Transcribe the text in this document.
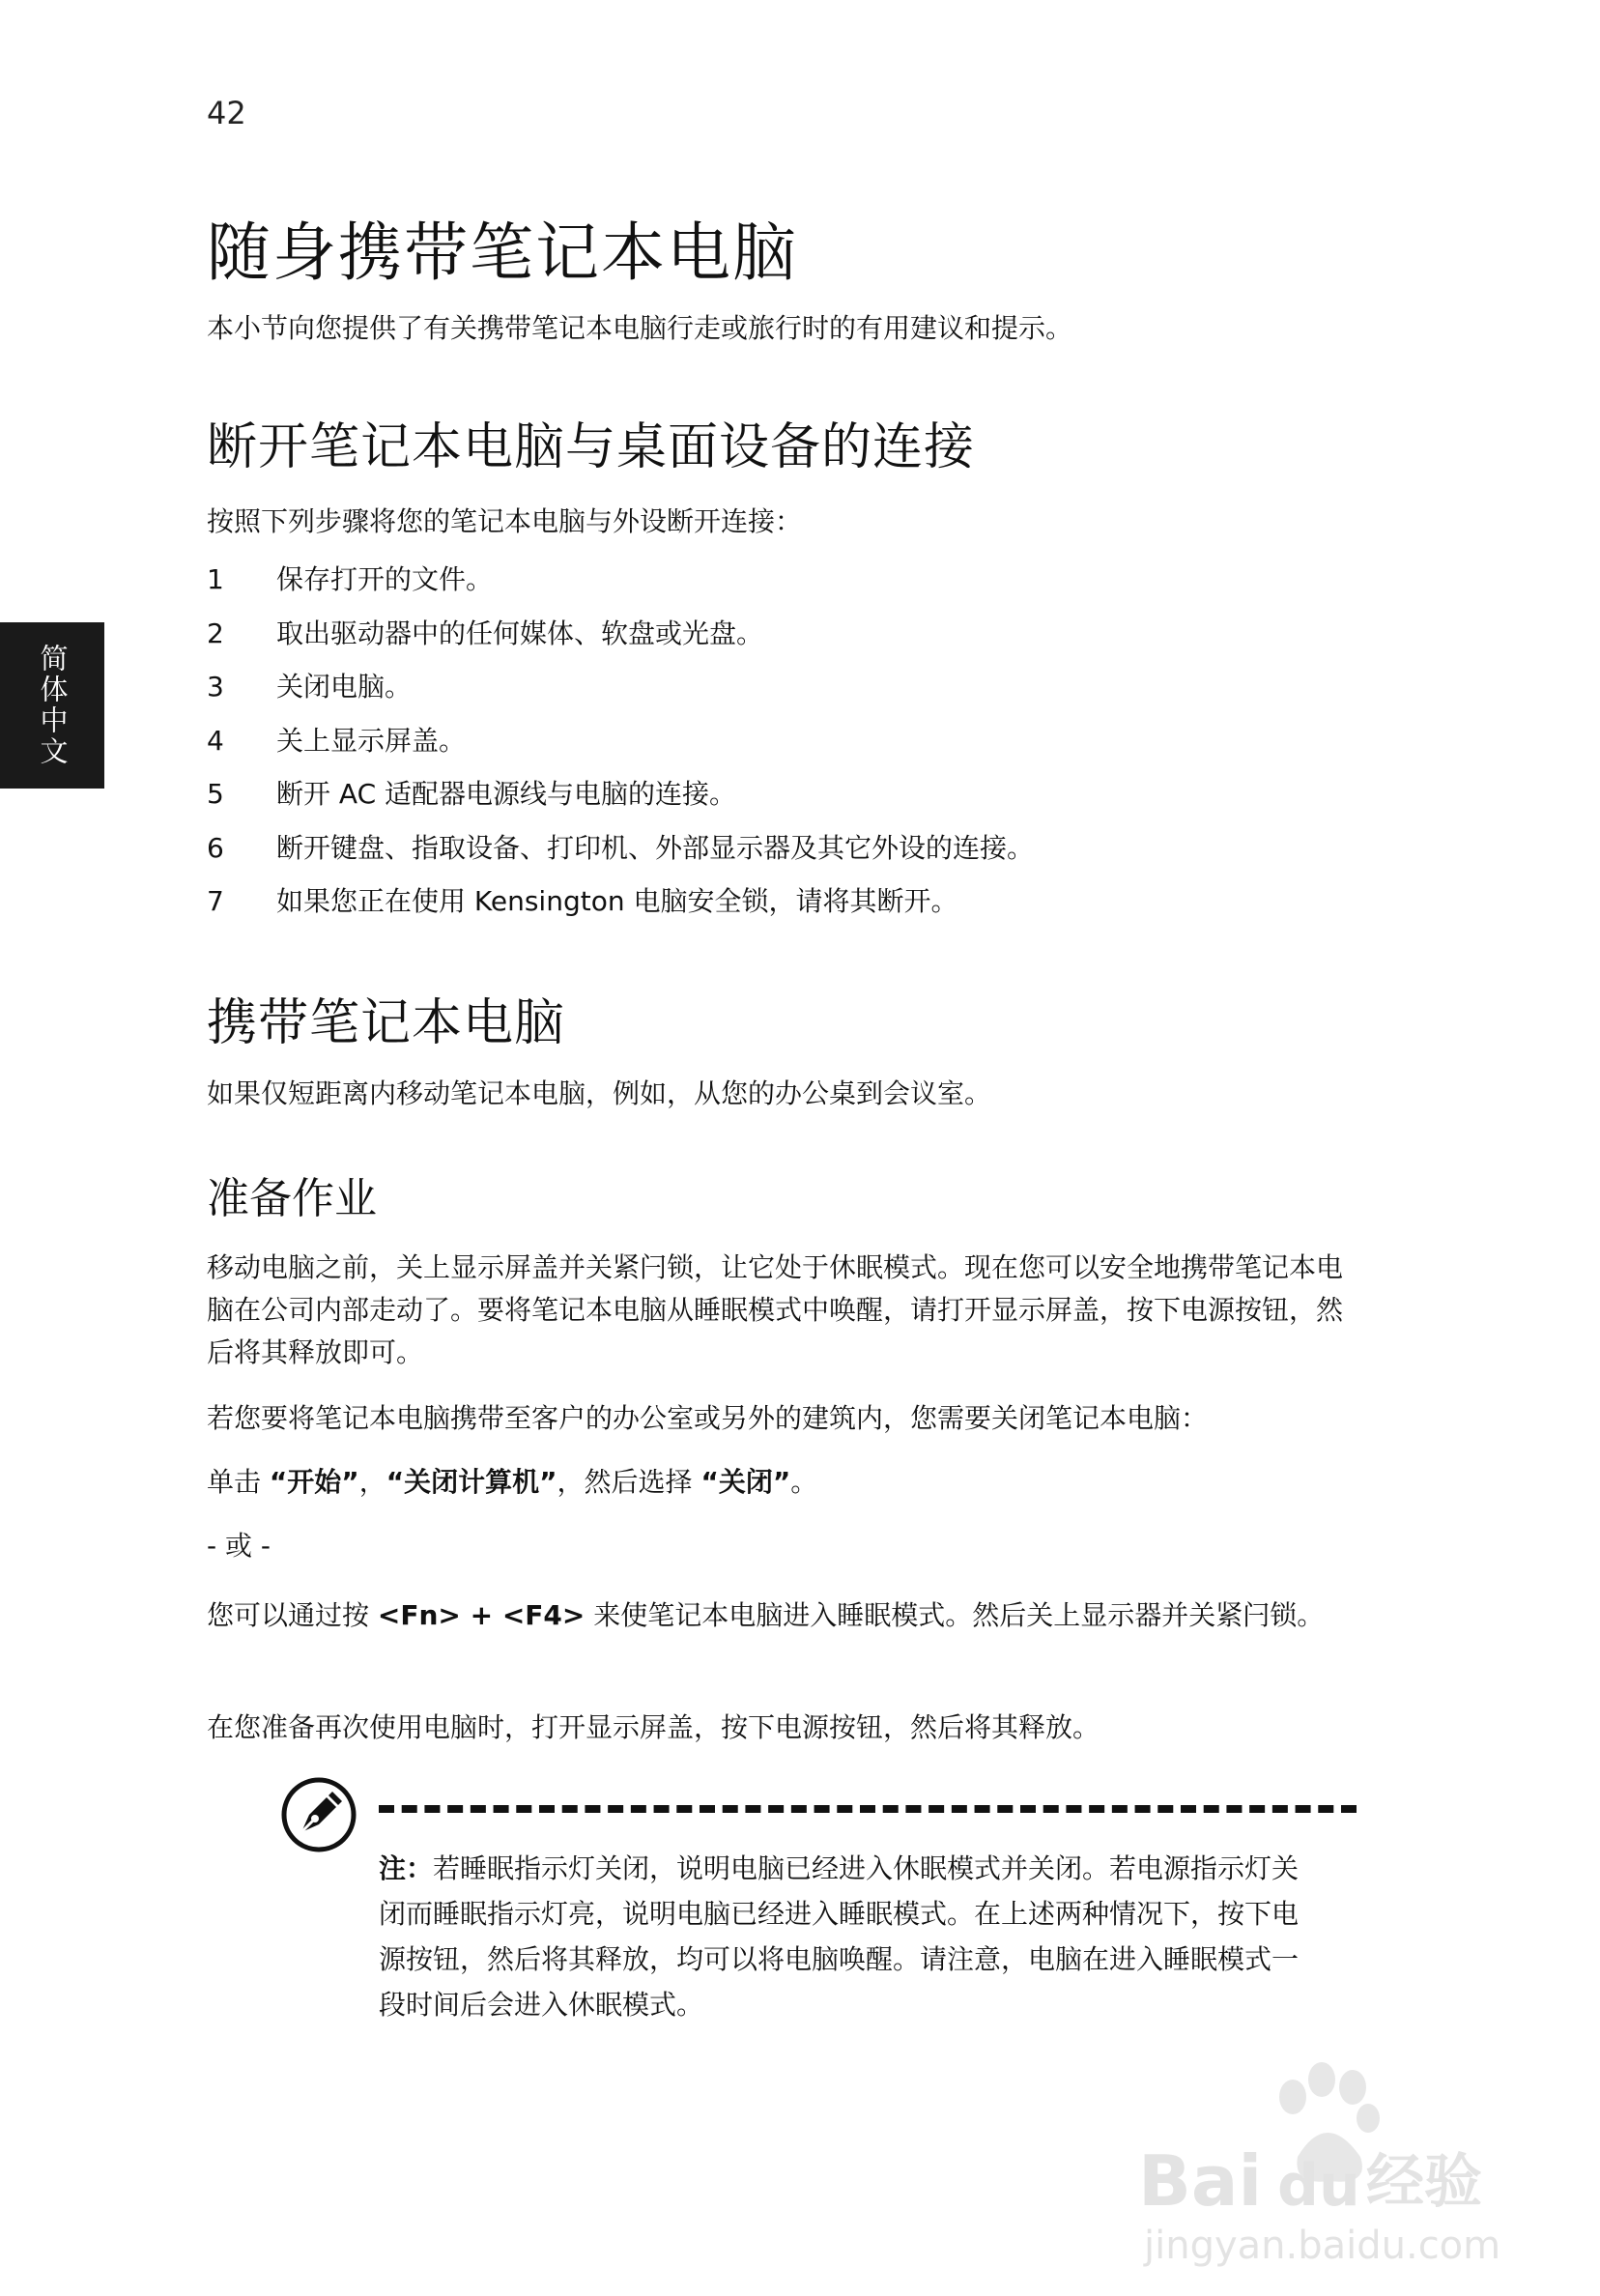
42
简体中文
随身携带笔记本电脑
本小节向您提供了有关携带笔记本电脑行走或旅行时的有用建议和提示。
断开笔记本电脑与桌面设备的连接
按照下列步骤将您的笔记本电脑与外设断开连接：
1	保存打开的文件。
2	取出驱动器中的任何媒体、软盘或光盘。
3	关闭电脑。
4	关上显示屏盖。
5	断开 AC 适配器电源线与电脑的连接。
6	断开键盘、指取设备、打印机、外部显示器及其它外设的连接。
7	如果您正在使用 Kensington 电脑安全锁，请将其断开。
携带笔记本电脑
如果仅短距离内移动笔记本电脑，例如，从您的办公桌到会议室。
准备作业
移动电脑之前，关上显示屏盖并关紧闩锁，让它处于休眠模式。现在您可以安全地携带笔记本电脑在公司内部走动了。要将笔记本电脑从睡眠模式中唤醒，请打开显示屏盖，按下电源按钮，然后将其释放即可。
若您要将笔记本电脑携带至客户的办公室或另外的建筑内，您需要关闭笔记本电脑：
单击 “开始”，“关闭计算机”，然后选择 “关闭”。
- 或 -
您可以通过按 <Fn> + <F4> 来使笔记本电脑进入睡眠模式。然后关上显示器并关紧闩锁。
在您准备再次使用电脑时，打开显示屏盖，按下电源按钮，然后将其释放。
注：若睡眠指示灯关闭，说明电脑已经进入休眠模式并关闭。若电源指示灯关闭而睡眠指示灯亮，说明电脑已经进入睡眠模式。在上述两种情况下，按下电源按钮，然后将其释放，均可以将电脑唤醒。请注意，电脑在进入睡眠模式一段时间后会进入休眠模式。
Bai du 经验
jingyan.baidu.com
